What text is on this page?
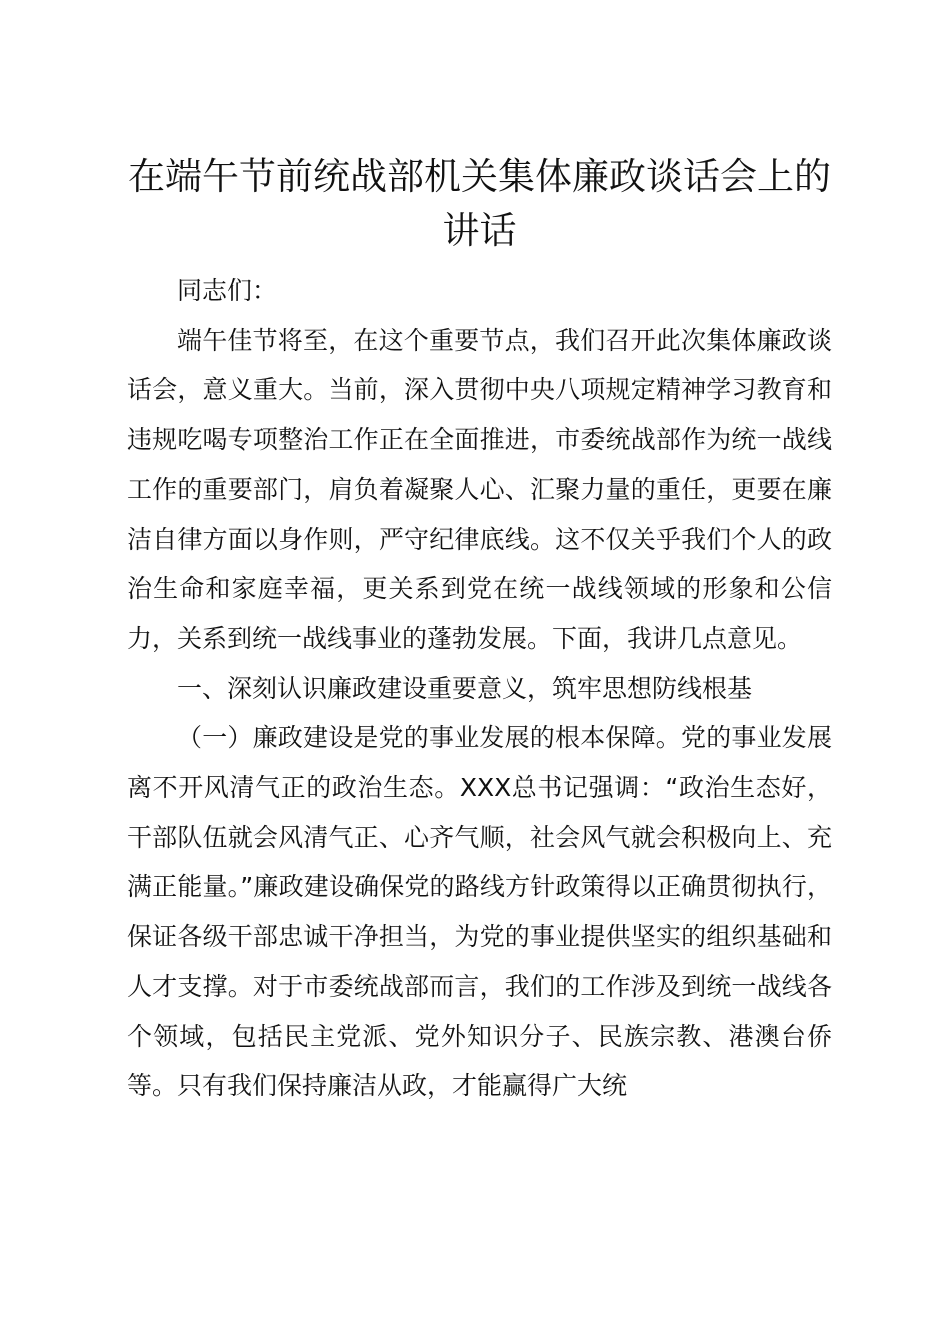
在端午节前统战部机关集体廉政谈话会上的讲话

同志们：

端午佳节将至，在这个重要节点，我们召开此次集体廉政谈话会，意义重大。当前，深入贯彻中央八项规定精神学习教育和违规吃喝专项整治工作正在全面推进，市委统战部作为统一战线工作的重要部门，肩负着凝聚人心、汇聚力量的重任，更要在廉洁自律方面以身作则，严守纪律底线。这不仅关乎我们个人的政治生命和家庭幸福，更关系到党在统一战线领域的形象和公信力，关系到统一战线事业的蓬勃发展。下面，我讲几点意见。

一、深刻认识廉政建设重要意义，筑牢思想防线根基

（一）廉政建设是党的事业发展的根本保障。党的事业发展离不开风清气正的政治生态。XXX总书记强调：“政治生态好，干部队伍就会风清气正、心齐气顺，社会风气就会积极向上、充满正能量。”廉政建设确保党的路线方针政策得以正确贯彻执行，保证各级干部忠诚干净担当，为党的事业提供坚实的组织基础和人才支撑。对于市委统战部而言，我们的工作涉及到统一战线各个领域，包括民主党派、党外知识分子、民族宗教、港澳台侨等。只有我们保持廉洁从政，才能赢得广大统
